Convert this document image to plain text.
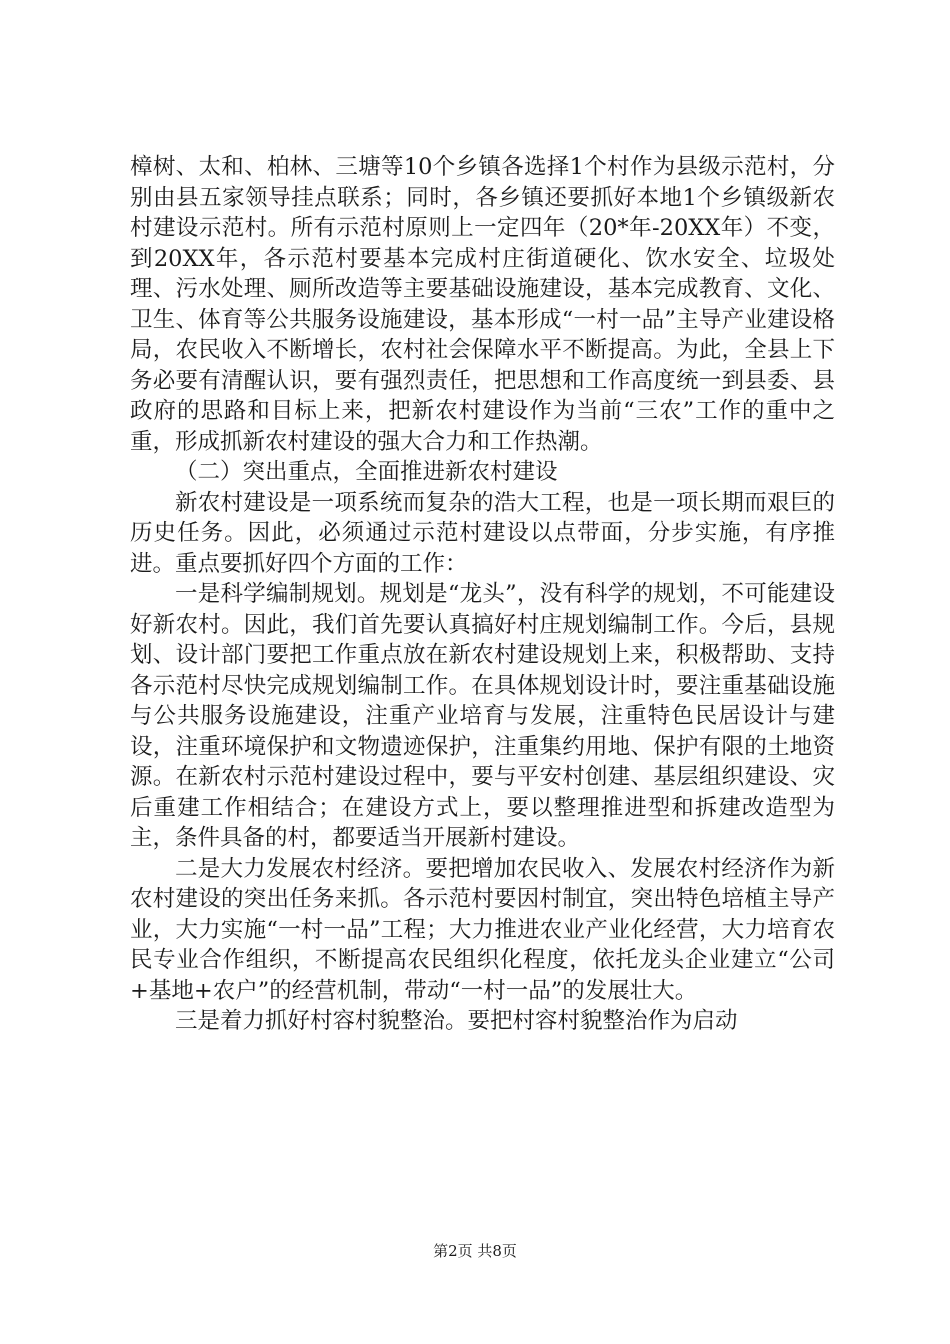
樟树、太和、柏林、三塘等10个乡镇各选择1个村作为县级示范村，分别由县五家领导挂点联系；同时，各乡镇还要抓好本地1个乡镇级新农村建设示范村。所有示范村原则上一定四年（20*年-20XX年）不变，到20XX年，各示范村要基本完成村庄街道硬化、饮水安全、垃圾处理、污水处理、厕所改造等主要基础设施建设，基本完成教育、文化、卫生、体育等公共服务设施建设，基本形成“一村一品”主导产业建设格局，农民收入不断增长，农村社会保障水平不断提高。为此，全县上下务必要有清醒认识，要有强烈责任，把思想和工作高度统一到县委、县政府的思路和目标上来，把新农村建设作为当前“三农”工作的重中之重，形成抓新农村建设的强大合力和工作热潮。

（二）突出重点，全面推进新农村建设

新农村建设是一项系统而复杂的浩大工程，也是一项长期而艰巨的历史任务。因此，必须通过示范村建设以点带面，分步实施，有序推进。重点要抓好四个方面的工作：

一是科学编制规划。规划是“龙头”，没有科学的规划，不可能建设好新农村。因此，我们首先要认真搞好村庄规划编制工作。今后，县规划、设计部门要把工作重点放在新农村建设规划上来，积极帮助、支持各示范村尽快完成规划编制工作。在具体规划设计时，要注重基础设施与公共服务设施建设，注重产业培育与发展，注重特色民居设计与建设，注重环境保护和文物遗迹保护，注重集约用地、保护有限的土地资源。在新农村示范村建设过程中，要与平安村创建、基层组织建设、灾后重建工作相结合；在建设方式上，要以整理推进型和拆建改造型为主，条件具备的村，都要适当开展新村建设。

二是大力发展农村经济。要把增加农民收入、发展农村经济作为新农村建设的突出任务来抓。各示范村要因村制宜，突出特色培植主导产业，大力实施“一村一品”工程；大力推进农业产业化经营，大力培育农民专业合作组织，不断提高农民组织化程度，依托龙头企业建立“公司+基地+农户”的经营机制，带动“一村一品”的发展壮大。

三是着力抓好村容村貌整治。要把村容村貌整治作为启动

第2页 共8页
